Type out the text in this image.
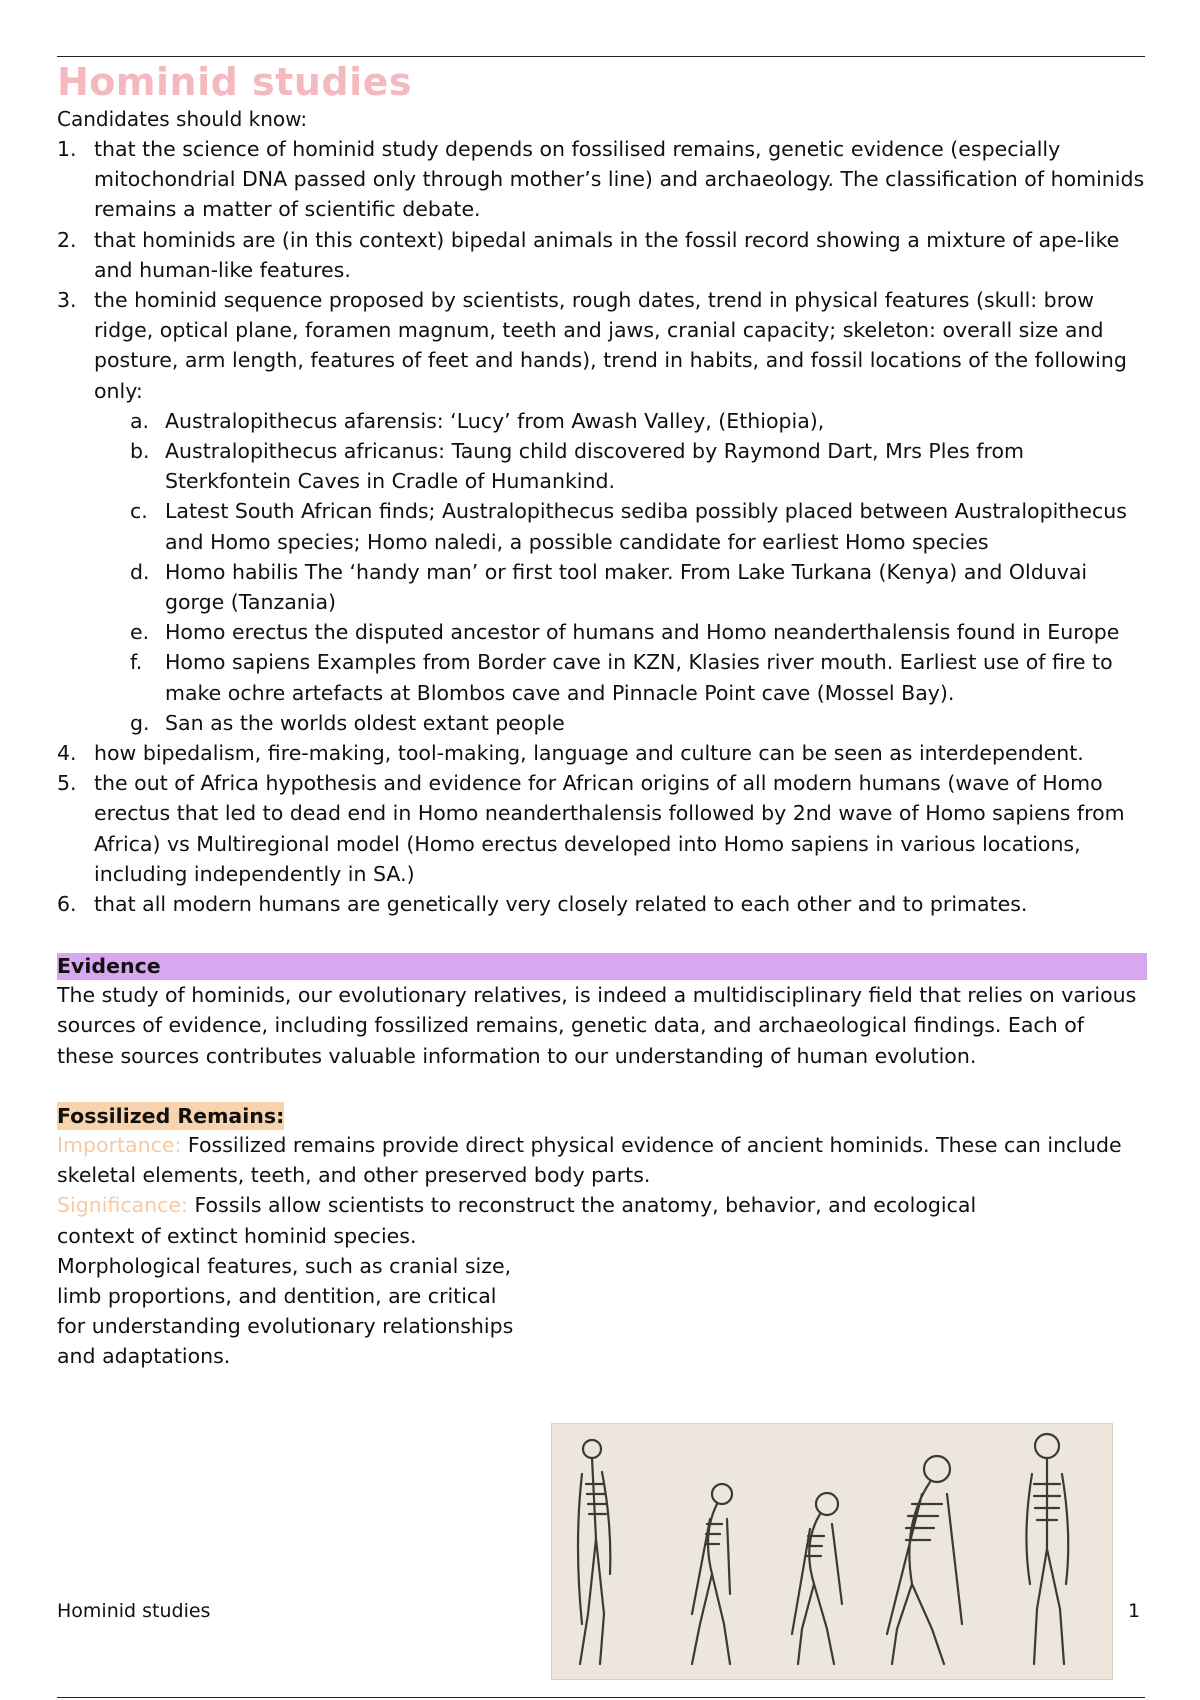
Hominid studies

Candidates should know:

1. that the science of hominid study depends on fossilised remains, genetic evidence (especially mitochondrial DNA passed only through mother’s line) and archaeology. The classification of hominids remains a matter of scientific debate.
2. that hominids are (in this context) bipedal animals in the fossil record showing a mixture of ape-like and human-like features.
3. the hominid sequence proposed by scientists, rough dates, trend in physical features (skull: brow ridge, optical plane, foramen magnum, teeth and jaws, cranial capacity; skeleton: overall size and posture, arm length, features of feet and hands), trend in habits, and fossil locations of the following only:
a. Australopithecus afarensis: ‘Lucy’ from Awash Valley, (Ethiopia),
b. Australopithecus africanus: Taung child discovered by Raymond Dart, Mrs Ples from Sterkfontein Caves in Cradle of Humankind.
c. Latest South African finds; Australopithecus sediba possibly placed between Australopithecus and Homo species; Homo naledi, a possible candidate for earliest Homo species
d. Homo habilis The ‘handy man’ or first tool maker. From Lake Turkana (Kenya) and Olduvai gorge (Tanzania)
e. Homo erectus the disputed ancestor of humans and Homo neanderthalensis found in Europe
f. Homo sapiens Examples from Border cave in KZN, Klasies river mouth. Earliest use of fire to make ochre artefacts at Blombos cave and Pinnacle Point cave (Mossel Bay).
g. San as the worlds oldest extant people
4. how bipedalism, fire-making, tool-making, language and culture can be seen as interdependent.
5. the out of Africa hypothesis and evidence for African origins of all modern humans (wave of Homo erectus that led to dead end in Homo neanderthalensis followed by 2nd wave of Homo sapiens from Africa) vs Multiregional model (Homo erectus developed into Homo sapiens in various locations, including independently in SA.)
6. that all modern humans are genetically very closely related to each other and to primates.
Evidence

The study of hominids, our evolutionary relatives, is indeed a multidisciplinary field that relies on various sources of evidence, including fossilized remains, genetic data, and archaeological findings. Each of these sources contributes valuable information to our understanding of human evolution.

Fossilized Remains:

Importance: Fossilized remains provide direct physical evidence of ancient hominids. These can include skeletal elements, teeth, and other preserved body parts.

Significance: Fossils allow scientists to reconstruct the anatomy, behavior, and ecological

context of extinct hominid species.

Morphological features, such as cranial size, limb proportions, and dentition, are critical for understanding evolutionary relationships and adaptations.

Hominid studies	1
